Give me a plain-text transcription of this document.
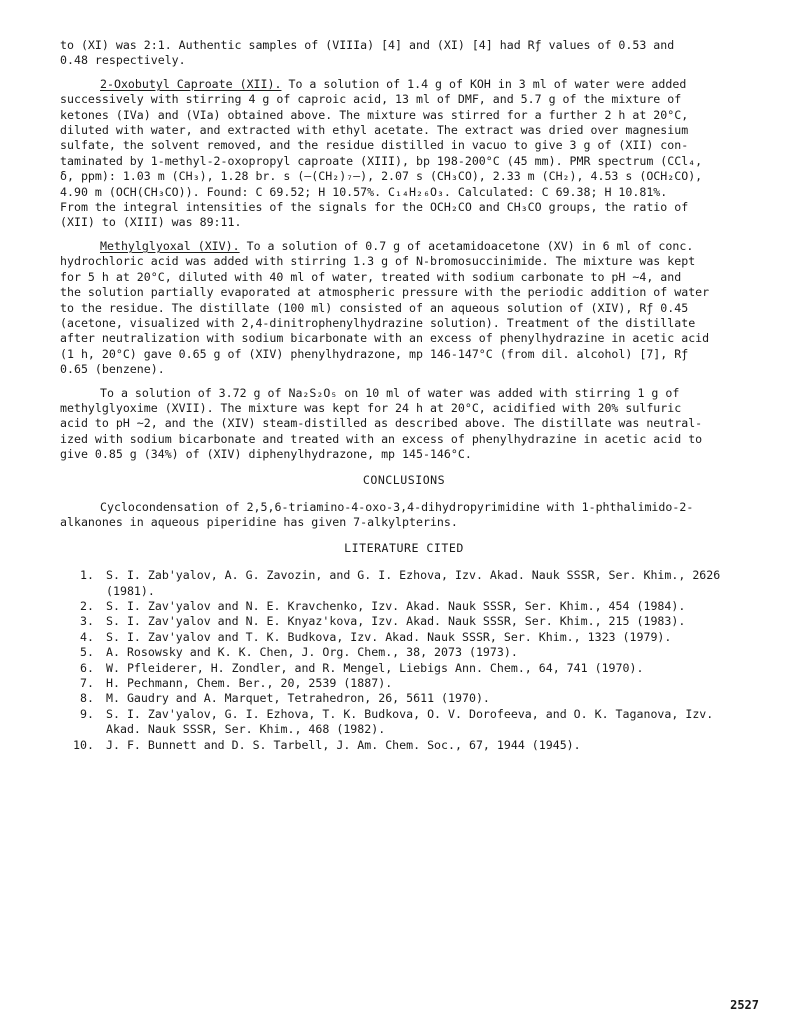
to (XI) was 2:1. Authentic samples of (VIIIa) [4] and (XI) [4] had Rƒ values of 0.53 and
0.48 respectively.

2-Oxobutyl Caproate (XII). To a solution of 1.4 g of KOH in 3 ml of water were added
successively with stirring 4 g of caproic acid, 13 ml of DMF, and 5.7 g of the mixture of
ketones (IVa) and (VIa) obtained above. The mixture was stirred for a further 2 h at 20°C,
diluted with water, and extracted with ethyl acetate. The extract was dried over magnesium
sulfate, the solvent removed, and the residue distilled in vacuo to give 3 g of (XII) con-
taminated by 1-methyl-2-oxopropyl caproate (XIII), bp 198-200°C (45 mm). PMR spectrum (CCl₄,
δ, ppm): 1.03 m (CH₃), 1.28 br. s (–(CH₂)₇–), 2.07 s (CH₃CO), 2.33 m (CH₂), 4.53 s (OCH₂CO),
4.90 m (OCH(CH₃CO)). Found: C 69.52; H 10.57%. C₁₄H₂₆O₃. Calculated: C 69.38; H 10.81%.
From the integral intensities of the signals for the OCH₂CO and CH₃CO groups, the ratio of
(XII) to (XIII) was 89:11.

Methylglyoxal (XIV). To a solution of 0.7 g of acetamidoacetone (XV) in 6 ml of conc.
hydrochloric acid was added with stirring 1.3 g of N-bromosuccinimide. The mixture was kept
for 5 h at 20°C, diluted with 40 ml of water, treated with sodium carbonate to pH ~4, and
the solution partially evaporated at atmospheric pressure with the periodic addition of water
to the residue. The distillate (100 ml) consisted of an aqueous solution of (XIV), Rƒ 0.45
(acetone, visualized with 2,4-dinitrophenylhydrazine solution). Treatment of the distillate
after neutralization with sodium bicarbonate with an excess of phenylhydrazine in acetic acid
(1 h, 20°C) gave 0.65 g of (XIV) phenylhydrazone, mp 146-147°C (from dil. alcohol) [7], Rƒ
0.65 (benzene).

To a solution of 3.72 g of Na₂S₂O₅ on 10 ml of water was added with stirring 1 g of
methylglyoxime (XVII). The mixture was kept for 24 h at 20°C, acidified with 20% sulfuric
acid to pH ~2, and the (XIV) steam-distilled as described above. The distillate was neutral-
ized with sodium bicarbonate and treated with an excess of phenylhydrazine in acetic acid to
give 0.85 g (34%) of (XIV) diphenylhydrazone, mp 145-146°C.

CONCLUSIONS

Cyclocondensation of 2,5,6-triamino-4-oxo-3,4-dihydropyrimidine with 1-phthalimido-2-
alkanones in aqueous piperidine has given 7-alkylpterins.

LITERATURE CITED

1.	S. I. Zab'yalov, A. G. Zavozin, and G. I. Ezhova, Izv. Akad. Nauk SSSR, Ser. Khim., 2626
(1981).
2.	S. I. Zav'yalov and N. E. Kravchenko, Izv. Akad. Nauk SSSR, Ser. Khim., 454 (1984).
3.	S. I. Zav'yalov and N. E. Knyaz'kova, Izv. Akad. Nauk SSSR, Ser. Khim., 215 (1983).
4.	S. I. Zav'yalov and T. K. Budkova, Izv. Akad. Nauk SSSR, Ser. Khim., 1323 (1979).
5.	A. Rosowsky and K. K. Chen, J. Org. Chem., 38, 2073 (1973).
6.	W. Pfleiderer, H. Zondler, and R. Mengel, Liebigs Ann. Chem., 64, 741 (1970).
7.	H. Pechmann, Chem. Ber., 20, 2539 (1887).
8.	M. Gaudry and A. Marquet, Tetrahedron, 26, 5611 (1970).
9.	S. I. Zav'yalov, G. I. Ezhova, T. K. Budkova, O. V. Dorofeeva, and O. K. Taganova, Izv.
Akad. Nauk SSSR, Ser. Khim., 468 (1982).
10.	J. F. Bunnett and D. S. Tarbell, J. Am. Chem. Soc., 67, 1944 (1945).
2527
